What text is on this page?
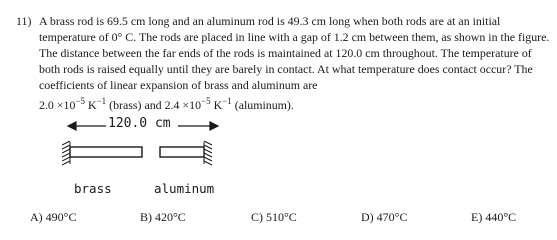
11) A brass rod is 69.5 cm long and an aluminum rod is 49.3 cm long when both rods are at an initial temperature of 0° C. The rods are placed in line with a gap of 1.2 cm between them, as shown in the figure. The distance between the far ends of the rods is maintained at 120.0 cm throughout. The temperature of both rods is raised equally until they are barely in contact. At what temperature does contact occur? The coefficients of linear expansion of brass and aluminum are
$2.0 \times 10^{-5}$ $K^{-1}$ (brass) and $2.4 \times 10^{-5}$ $K^{-1}$ (aluminum).
120.0 cm
brass	aluminum
A) 490°C	B) 420°C	C) 510°C	D) 470°C	E) 440°C
